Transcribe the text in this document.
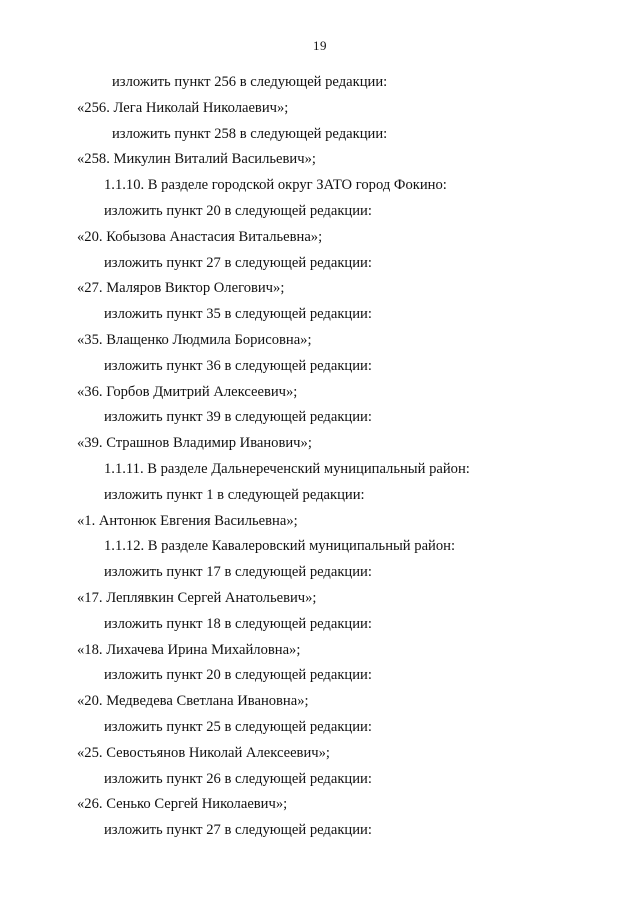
19
изложить пункт 256 в следующей редакции:
«256. Лега Николай Николаевич»;
изложить пункт 258 в следующей редакции:
«258. Микулин Виталий Васильевич»;
1.1.10. В разделе городской округ ЗАТО город Фокино:
изложить пункт 20 в следующей редакции:
«20. Кобызова Анастасия Витальевна»;
изложить пункт 27 в следующей редакции:
«27. Маляров Виктор Олегович»;
изложить пункт 35 в следующей редакции:
«35. Влащенко Людмила Борисовна»;
изложить пункт 36 в следующей редакции:
«36. Горбов Дмитрий Алексеевич»;
изложить пункт 39 в следующей редакции:
«39. Страшнов Владимир Иванович»;
1.1.11. В разделе Дальнереченский муниципальный район:
изложить пункт 1 в следующей редакции:
«1. Антонюк Евгения Васильевна»;
1.1.12. В разделе Кавалеровский муниципальный район:
изложить пункт 17 в следующей редакции:
«17. Леплявкин Сергей Анатольевич»;
изложить пункт 18 в следующей редакции:
«18. Лихачева Ирина Михайловна»;
изложить пункт 20 в следующей редакции:
«20. Медведева Светлана Ивановна»;
изложить пункт 25 в следующей редакции:
«25. Севостьянов Николай Алексеевич»;
изложить пункт 26 в следующей редакции:
«26. Сенько Сергей Николаевич»;
изложить пункт 27 в следующей редакции:
